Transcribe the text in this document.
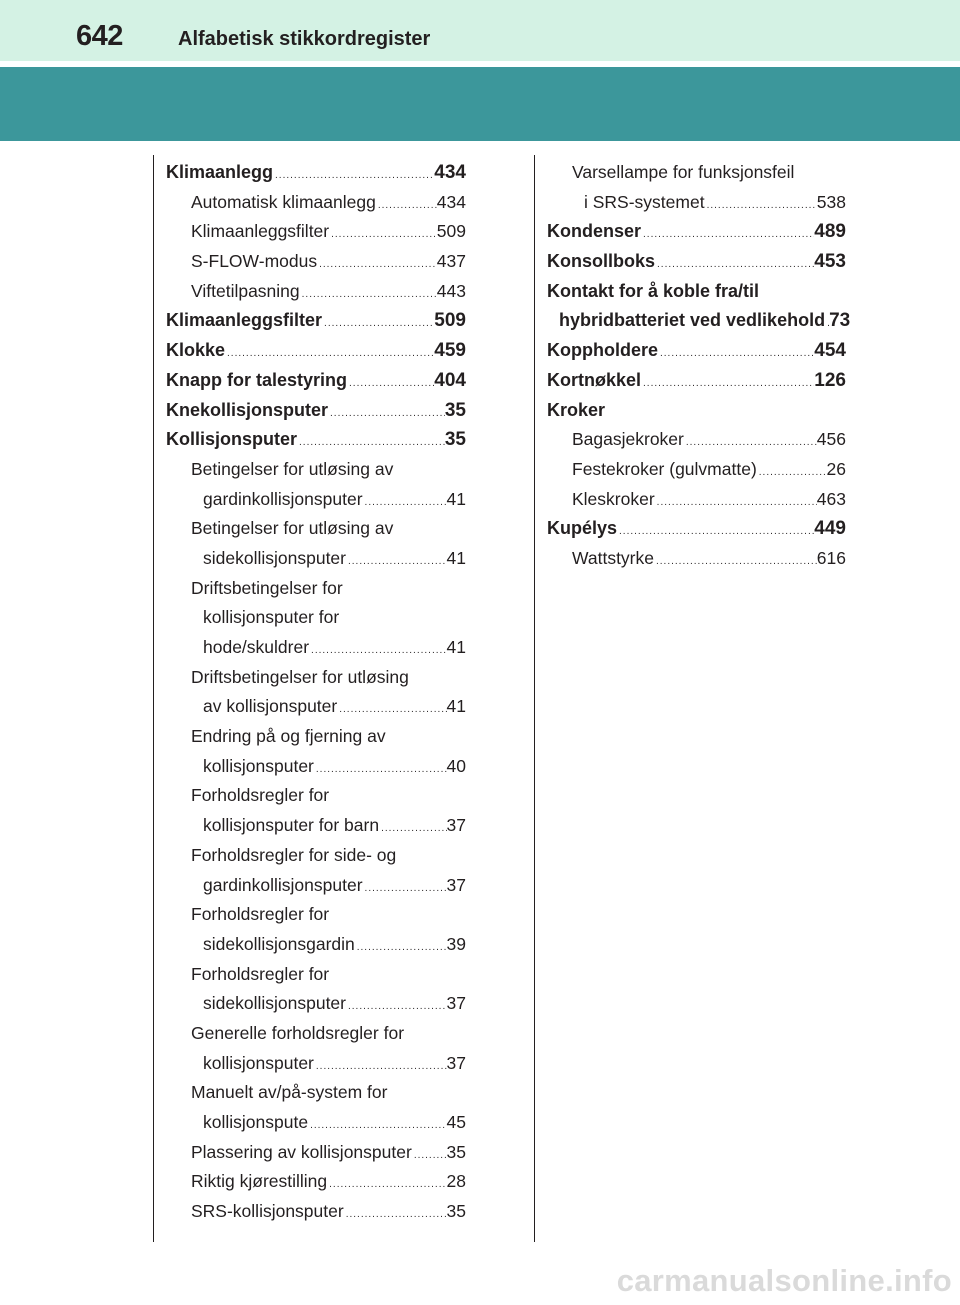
642	Alfabetisk stikkordregister
Klimaanlegg .....	434
Automatisk klimaanlegg .....	434
Klimaanleggsfilter .....	509
S-FLOW-modus .....	437
Viftetilpasning .....	443
Klimaanleggsfilter .....	509
Klokke .....	459
Knapp for talestyring .....	404
Knekollisjonsputer .....	35
Kollisjonsputer .....	35
Betingelser for utløsing av
gardinkollisjonsputer .....	41
Betingelser for utløsing av
sidekollisjonsputer .....	41
Driftsbetingelser for
kollisjonsputer for
hode/skuldrer .....	41
Driftsbetingelser for utløsing
av kollisjonsputer .....	41
Endring på og fjerning av
kollisjonsputer .....	40
Forholdsregler for
kollisjonsputer for barn .....	37
Forholdsregler for side- og
gardinkollisjonsputer .....	37
Forholdsregler for
sidekollisjonsgardin .....	39
Forholdsregler for
sidekollisjonsputer .....	37
Generelle forholdsregler for
kollisjonsputer .....	37
Manuelt av/på-system for
kollisjonspute .....	45
Plassering av kollisjonsputer ..... 35
Riktig kjørestilling .....	28
SRS-kollisjonsputer .....	35
Varsellampe for funksjonsfeil
i SRS-systemet .....	538
Kondenser .....	489
Konsollboks .....	453
Kontakt for å koble fra/til
hybridbatteriet ved vedlikehold ..... 73
Koppholdere .....	454
Kortnøkkel .....	126
Kroker
Bagasjekroker .....	456
Festekroker (gulvmatte) .....	26
Kleskroker .....	463
Kupélys .....	449
Wattstyrke .....	616
carmanualsonline.info
